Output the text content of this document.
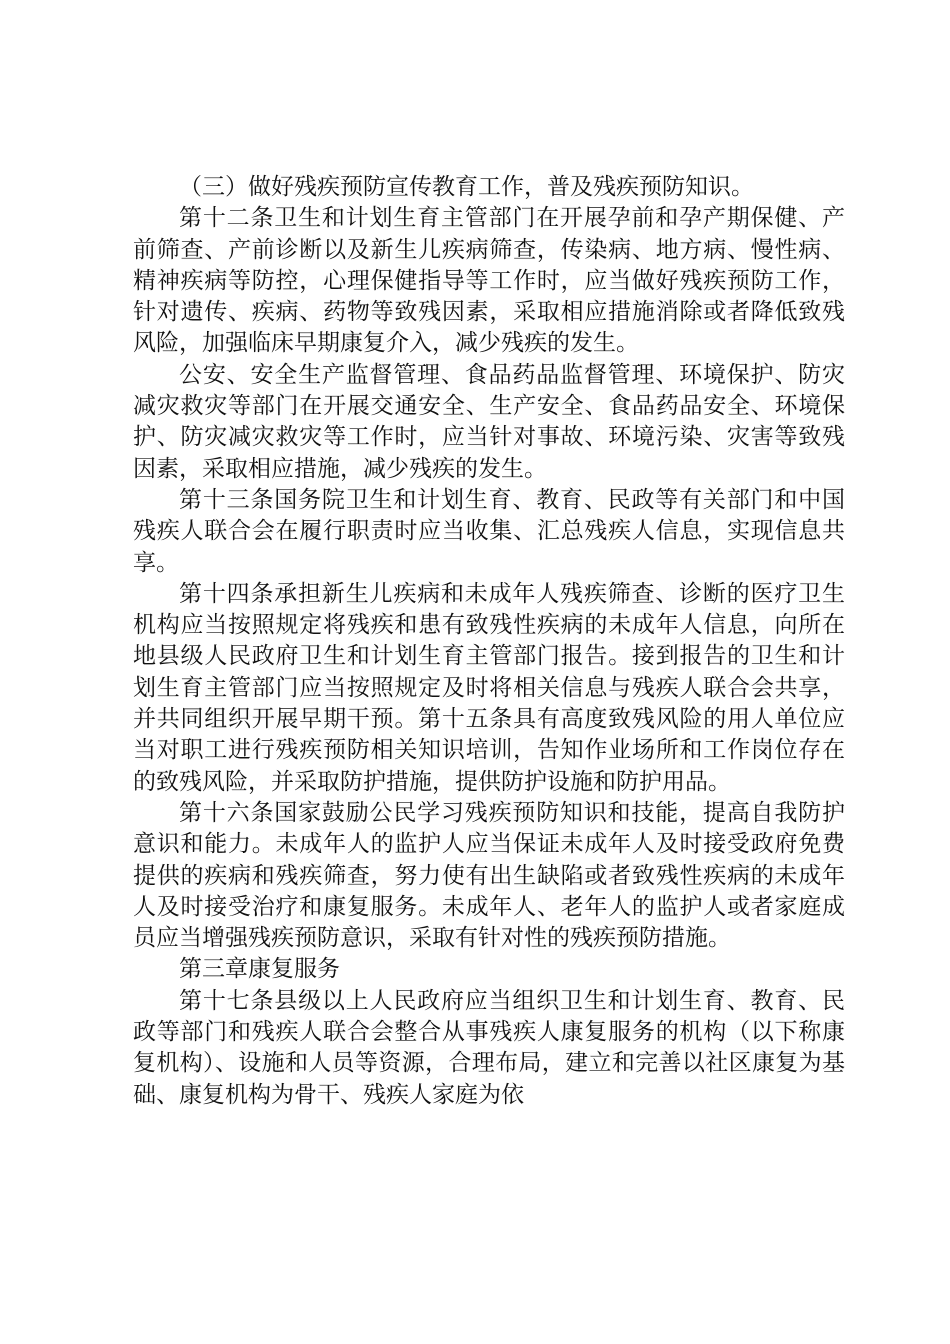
（三）做好残疾预防宣传教育工作，普及残疾预防知识。

第十二条卫生和计划生育主管部门在开展孕前和孕产期保健、产前筛查、产前诊断以及新生儿疾病筛查，传染病、地方病、慢性病、精神疾病等防控，心理保健指导等工作时，应当做好残疾预防工作，针对遗传、疾病、药物等致残因素，采取相应措施消除或者降低致残风险，加强临床早期康复介入，减少残疾的发生。

公安、安全生产监督管理、食品药品监督管理、环境保护、防灾减灾救灾等部门在开展交通安全、生产安全、食品药品安全、环境保护、防灾减灾救灾等工作时，应当针对事故、环境污染、灾害等致残因素，采取相应措施，减少残疾的发生。

第十三条国务院卫生和计划生育、教育、民政等有关部门和中国残疾人联合会在履行职责时应当收集、汇总残疾人信息，实现信息共享。

第十四条承担新生儿疾病和未成年人残疾筛查、诊断的医疗卫生机构应当按照规定将残疾和患有致残性疾病的未成年人信息，向所在地县级人民政府卫生和计划生育主管部门报告。接到报告的卫生和计划生育主管部门应当按照规定及时将相关信息与残疾人联合会共享，并共同组织开展早期干预。第十五条具有高度致残风险的用人单位应当对职工进行残疾预防相关知识培训，告知作业场所和工作岗位存在的致残风险，并采取防护措施，提供防护设施和防护用品。

第十六条国家鼓励公民学习残疾预防知识和技能，提高自我防护意识和能力。未成年人的监护人应当保证未成年人及时接受政府免费提供的疾病和残疾筛查，努力使有出生缺陷或者致残性疾病的未成年人及时接受治疗和康复服务。未成年人、老年人的监护人或者家庭成员应当增强残疾预防意识，采取有针对性的残疾预防措施。

第三章康复服务

第十七条县级以上人民政府应当组织卫生和计划生育、教育、民政等部门和残疾人联合会整合从事残疾人康复服务的机构（以下称康复机构）、设施和人员等资源，合理布局，建立和完善以社区康复为基础、康复机构为骨干、残疾人家庭为依
